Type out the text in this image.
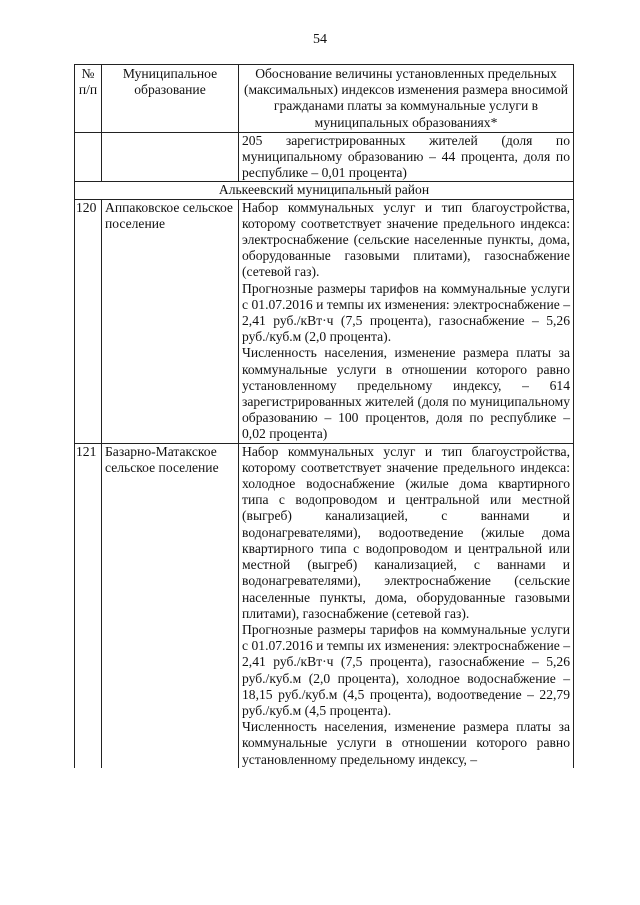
54
№ п/п	Муниципальное образование	Обоснование величины установленных предельных (максимальных) индексов изменения размера вносимой гражданами платы за коммунальные услуги в муниципальных образованиях*
		205 зарегистрированных жителей (доля по муниципальному образованию – 44 процента, доля по республике – 0,01 процента)
Алькеевский муниципальный район		
120	Аппаковское сельское поселение	Набор коммунальных услуг и тип благоустройства, которому соответствует значение предельного индекса: электроснабжение (сельские населенные пункты, дома, оборудованные газовыми плитами), газоснабжение (сетевой газ).

Прогнозные размеры тарифов на коммунальные услуги с 01.07.2016 и темпы их изменения: электроснабжение – 2,41 руб./кВт·ч (7,5 процента), газоснабжение – 5,26 руб./куб.м (2,0 процента).

Численность населения, изменение размера платы за коммунальные услуги в отношении которого равно установленному предельному индексу, – 614 зарегистрированных жителей (доля по муниципальному образованию – 100 процентов, доля по республике – 0,02 процента)

121	Базарно-Матакское сельское поселение	Набор коммунальных услуг и тип благоустройства, которому соответствует значение предельного индекса: холодное водоснабжение (жилые дома квартирного типа с водопроводом и центральной или местной (выгреб) канализацией, с ваннами и водонагревателями), водоотведение (жилые дома квартирного типа с водопроводом и центральной или местной (выгреб) канализацией, с ваннами и водонагревателями), электроснабжение (сельские населенные пункты, дома, оборудованные газовыми плитами), газоснабжение (сетевой газ).

Прогнозные размеры тарифов на коммунальные услуги с 01.07.2016 и темпы их изменения: электроснабжение – 2,41 руб./кВт·ч (7,5 процента), газоснабжение – 5,26 руб./куб.м (2,0 процента), холодное водоснабжение – 18,15 руб./куб.м (4,5 процента), водоотведение – 22,79 руб./куб.м (4,5 процента).

Численность населения, изменение размера платы за коммунальные услуги в отношении которого равно установленному предельному индексу, –
